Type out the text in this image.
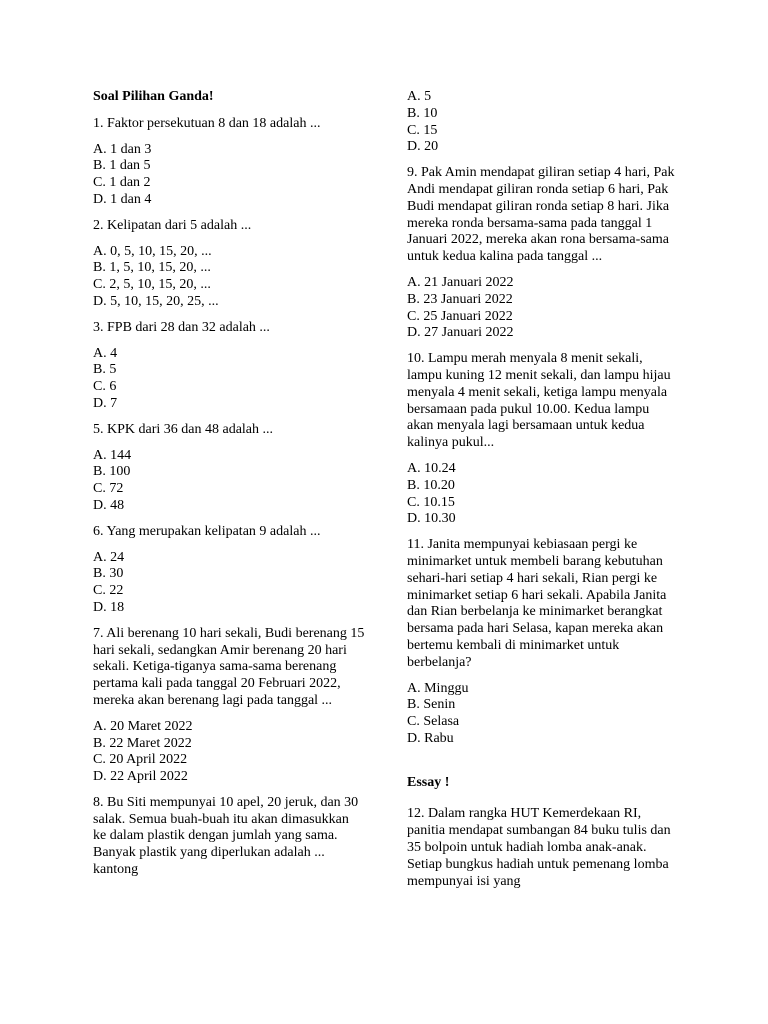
Soal Pilihan Ganda!
1. Faktor persekutuan 8 dan 18 adalah ...
A. 1 dan 3
B. 1 dan 5
C. 1 dan 2
D. 1 dan 4
2. Kelipatan dari 5 adalah ...
A. 0, 5, 10, 15, 20, ...
B. 1, 5, 10, 15, 20, ...
C. 2, 5, 10, 15, 20, ...
D. 5, 10, 15, 20, 25, ...
3. FPB dari 28 dan 32 adalah ...
A. 4
B. 5
C. 6
D. 7
5. KPK dari 36 dan 48 adalah ...
A. 144
B. 100
C. 72
D. 48
6. Yang merupakan kelipatan 9 adalah ...
A. 24
B. 30
C. 22
D. 18
7. Ali berenang 10 hari sekali, Budi berenang 15 hari sekali, sedangkan Amir berenang 20 hari sekali. Ketiga-tiganya sama-sama berenang pertama kali pada tanggal 20 Februari 2022, mereka akan berenang lagi pada tanggal ...
A. 20 Maret 2022
B. 22 Maret 2022
C. 20 April 2022
D. 22 April 2022
8. Bu Siti mempunyai 10 apel, 20 jeruk, dan 30 salak. Semua buah-buah itu akan dimasukkan ke dalam plastik dengan jumlah yang sama. Banyak plastik yang diperlukan adalah ... kantong
A. 5
B. 10
C. 15
D. 20
9. Pak Amin mendapat giliran setiap 4 hari, Pak Andi mendapat giliran ronda setiap 6 hari, Pak Budi mendapat giliran ronda setiap 8 hari. Jika mereka ronda bersama-sama pada tanggal 1 Januari 2022, mereka akan rona bersama-sama untuk kedua kalina pada tanggal ...
A. 21 Januari 2022
B. 23 Januari 2022
C. 25 Januari 2022
D. 27 Januari 2022
10. Lampu merah menyala 8 menit sekali, lampu kuning 12 menit sekali, dan lampu hijau menyala 4 menit sekali, ketiga lampu menyala bersamaan pada pukul 10.00. Kedua lampu akan menyala lagi bersamaan untuk kedua kalinya pukul...
A. 10.24
B. 10.20
C. 10.15
D. 10.30
11. Janita mempunyai kebiasaan pergi ke minimarket untuk membeli barang kebutuhan sehari-hari setiap 4 hari sekali, Rian pergi ke minimarket setiap 6 hari sekali. Apabila Janita dan Rian berbelanja ke minimarket berangkat bersama pada hari Selasa, kapan mereka akan bertemu kembali di minimarket untuk berbelanja?
A. Minggu
B. Senin
C. Selasa
D. Rabu
Essay !
12. Dalam rangka HUT Kemerdekaan RI, panitia mendapat sumbangan 84 buku tulis dan 35 bolpoin untuk hadiah lomba anak-anak. Setiap bungkus hadiah untuk pemenang lomba mempunyai isi yang
